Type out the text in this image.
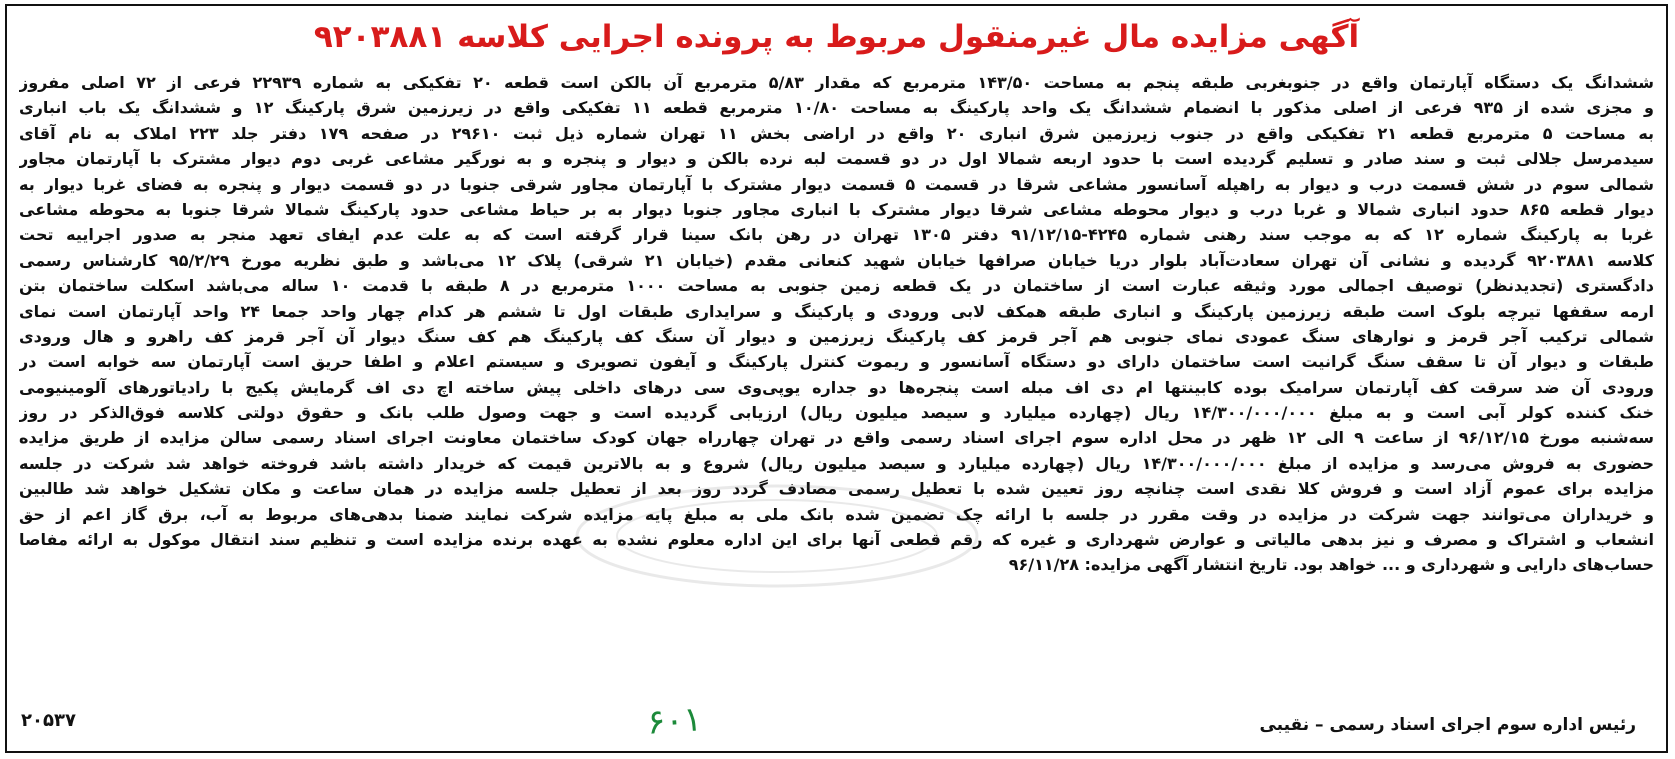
آگهی مزایده مال غیرمنقول مربوط به پرونده اجرایی کلاسه ۹۲۰۳۸۸۱
ششدانگ یک دستگاه آپارتمان واقع در جنوبغربی طبقه پنجم به مساحت ۱۴۳/۵۰ مترمربع که مقدار ۵/۸۳ مترمربع آن بالکن است قطعه ۲۰ تفکیکی به شماره ۲۲۹۳۹ فرعی از ۷۲ اصلی مفروز
و مجزی شده از ۹۳۵ فرعی از اصلی مذکور با انضمام ششدانگ یک واحد پارکینگ به مساحت ۱۰/۸۰ مترمربع قطعه ۱۱ تفکیکی واقع در زیرزمین شرق پارکینگ ۱۲ و ششدانگ یک باب انباری
به مساحت ۵ مترمربع قطعه ۲۱ تفکیکی واقع در جنوب زیرزمین شرق انباری ۲۰ واقع در اراضی بخش ۱۱ تهران شماره ذیل ثبت ۲۹۶۱۰ در صفحه ۱۷۹ دفتر جلد ۲۲۳ املاک به نام آقای
سیدمرسل جلالی ثبت و سند صادر و تسلیم گردیده است با حدود اربعه شمالا اول در دو قسمت لبه نرده بالکن و دیوار و پنجره و به نورگیر مشاعی غربی دوم دیوار مشترک با آپارتمان مجاور
شمالی سوم در شش قسمت درب و دیوار به راهپله آسانسور مشاعی شرقا در قسمت ۵ قسمت دیوار مشترک با آپارتمان مجاور شرقی جنوبا در دو قسمت دیوار و پنجره به فضای غربا دیوار به
دیوار قطعه ۸۶۵ حدود انباری شمالا و غربا درب و دیوار محوطه مشاعی شرقا دیوار مشترک با انباری مجاور جنوبا دیوار به بر حیاط مشاعی حدود پارکینگ شمالا شرقا جنوبا به محوطه مشاعی
غربا به پارکینگ شماره ۱۲ که به موجب سند رهنی شماره ۴۲۴۵-۹۱/۱۲/۱۵ دفتر ۱۳۰۵ تهران در رهن بانک سینا قرار گرفته است که به علت عدم ایفای تعهد منجر به صدور اجراییه تحت
کلاسه ۹۲۰۳۸۸۱ گردیده و نشانی آن تهران سعادت‌آباد بلوار دریا خیابان صرافها خیابان شهید کنعانی مقدم (خیابان ۲۱ شرقی) پلاک ۱۲ می‌باشد و طبق نظریه مورخ ۹۵/۲/۲۹ کارشناس رسمی
دادگستری (تجدیدنظر) توصیف اجمالی مورد وثیقه عبارت است از ساختمان در یک قطعه زمین جنوبی به مساحت ۱۰۰۰ مترمربع در ۸ طبقه با قدمت ۱۰ ساله می‌باشد اسکلت ساختمان بتن
ارمه سقفها تیرچه بلوک است طبقه زیرزمین پارکینگ و انباری طبقه همکف لابی ورودی و پارکینگ و سرایداری طبقات اول تا ششم هر کدام چهار واحد جمعا ۲۴ واحد آپارتمان است نمای
شمالی ترکیب آجر قرمز و نوارهای سنگ عمودی نمای جنوبی هم آجر قرمز کف پارکینگ زیرزمین و دیوار آن سنگ کف پارکینگ هم کف سنگ دیوار آن آجر قرمز کف راهرو و هال ورودی
طبقات و دیوار آن تا سقف سنگ گرانیت است ساختمان دارای دو دستگاه آسانسور و ریموت کنترل پارکینگ و آیفون تصویری و سیستم اعلام و اطفا حریق است آپارتمان سه خوابه است در
ورودی آن ضد سرقت کف آپارتمان سرامیک بوده کابینتها ام دی اف مبله است پنجره‌ها دو جداره یوپی‌وی سی درهای داخلی پیش ساخته اچ دی اف گرمایش پکیج با رادیاتورهای آلومینیومی
خنک کننده کولر آبی است و به مبلغ ۱۴/۳۰۰/۰۰۰/۰۰۰ ریال (چهارده میلیارد و سیصد میلیون ریال) ارزیابی گردیده است و جهت وصول طلب بانک و حقوق دولتی کلاسه فوق‌الذکر در روز
سه‌شنبه مورخ ۹۶/۱۲/۱۵ از ساعت ۹ الی ۱۲ ظهر در محل اداره سوم اجرای اسناد رسمی واقع در تهران چهارراه جهان کودک ساختمان معاونت اجرای اسناد رسمی سالن مزایده از طریق مزایده
حضوری به فروش می‌رسد و مزایده از مبلغ ۱۴/۳۰۰/۰۰۰/۰۰۰ ریال (چهارده میلیارد و سیصد میلیون ریال) شروع و به بالاترین قیمت که خریدار داشته باشد فروخته خواهد شد شرکت در جلسه
مزایده برای عموم آزاد است و فروش کلا نقدی است چنانچه روز تعیین شده با تعطیل رسمی مصادف گردد روز بعد از تعطیل جلسه مزایده در همان ساعت و مکان تشکیل خواهد شد طالبین
و خریداران می‌توانند جهت شرکت در مزایده در وقت مقرر در جلسه با ارائه چک تضمین شده بانک ملی به مبلغ پایه مزایده شرکت نمایند ضمنا بدهی‌های مربوط به آب، برق گاز اعم از حق
انشعاب و اشتراک و مصرف و نیز بدهی مالیاتی و عوارض شهرداری و غیره که رقم قطعی آنها برای این اداره معلوم نشده به عهده برنده مزایده است و تنظیم سند انتقال موکول به ارائه مفاصا
حساب‌های دارایی و شهرداری و ... خواهد بود. تاریخ انتشار آگهی مزایده: ۹۶/۱۱/۲۸
۶۰۱	رئیس اداره سوم اجرای اسناد رسمی – نقیبی
۲۰۵۳۷
